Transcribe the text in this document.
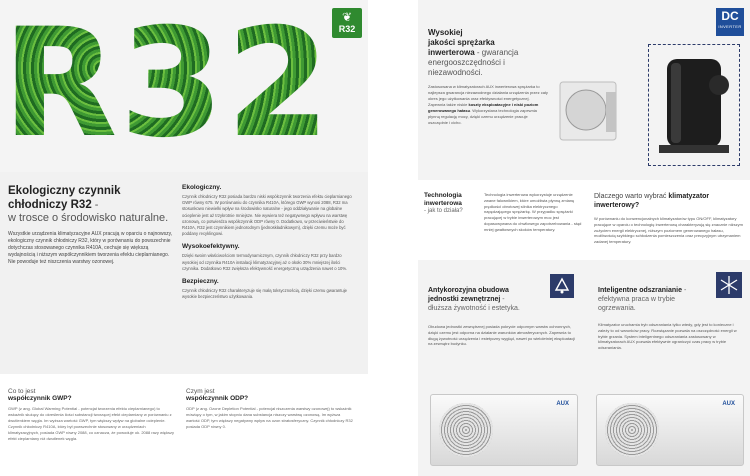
R32 ❦
R32
Ekologiczny czynnik
chłodniczy R32 -
w trosce o środowisko naturalne.

Wszystkie urządzenia klimatyzacyjne AUX pracują w oparciu o najnowszy, ekologiczny czynnik chłodniczy R32, który w porównaniu do powszechnie dotychczas stosowanego czynnika R410A, cechuje się większą wydajnością i niższym współczynnikiem tworzenia efektu cieplarnianego. Nie powoduje też niszczenia warstwy ozonowej.

Ekologiczny.

Czynnik chłodniczy R32 posiada bardzo niski współczynnik tworzenia efektu cieplarnianego GWP równy 675. W porównaniu do czynnika R410A, którego GWP wynosi 2088, R32 ma stosunkowo niewielki wpływ na środowisko naturalne - jego oddziaływanie na globalne ocieplenie jest aż trzykrotnie mniejsze. Nie wywiera też negatywnego wpływu na warstwę ozonową, co potwierdza współczynnik ODP równy 0. Dodatkowo, w przeciwieństwie do R410A, R32 jest czynnikiem jednorodnym (jednoskładnikowym), dzięki czemu może być poddany recyklingowi.

Wysokoefektywny.

Dzięki swoim właściwościom termodynamicznym, czynnik chłodniczy R32 przy bardzo wysokiej od czynnika R410A instalacji klimatyzacyjnej aż o około 30% mniejszej ilości czynnika. Dodatkowo R32 zwiększa efektywność energetyczną urządzenia nawet o 10%.

Bezpieczny.

Czynnik chłodniczy R32 charakteryzuje się małą toksycznością, dzięki czemu gwarantuje wysokie bezpieczeństwo użytkowania.

Co to jest
współczynnik GWP?

GWP (z ang. Global Warming Potential - potencjał tworzenia efektu cieplarnianego) to wskaźnik służący do określenia ilości substancji tworzącej efekt cieplarniany w porównaniu z dwutlenkiem węgla. Im wyższa wartość GWP, tym większy wpływ na globalne ocieplenie. Czynnik chłodniczy R410A, który był powszechnie stosowany w urządzeniach klimatyzacyjnych, posiada GWP równy 2088, co oznacza, że powoduje ok. 2088 razy większy efekt cieplarniany niż dwutlenek węgla.

Czym jest
współczynnik ODP?

ODP (z ang. Ozone Depletion Potential - potencjał niszczenia warstwy ozonowej) to wskaźnik mówiący o tym, w jakim stopniu dana substancja niszczy warstwę ozonową. Im wyższa wartość ODP, tym większy negatywny wpływ na ozon stratosferyczny. Czynnik chłodniczy R32 posiada ODP równy 0.

DC
INVERTER
Wysokiej
jakości sprężarka
inwerterowa - gwarancja energooszczędności i niezawodności.

Zastosowana w klimatyzatorach AUX inwerterowa sprężarka to najlepsza gwarancja niezawodnego działania urządzenia przez cały okres jego użytkowania oraz efektywności energetycznej. Zapewnia także niskie koszty eksploatacyjne i niski poziom generowanego hałasu. Wykorzystana technologia zapewnia płynną regulację mocy, dzięki czemu urządzenie pracuje oszczędnie i cicho.

Technologia inwerterowa
- jak to działa?
Technologia inwerterowa wykorzystuje urządzenie zwane falownikiem, które umożliwia płynną zmianę prędkości obrotowej silnika elektrycznego napędzającego sprężarkę. W przypadku sprężarki pracującej w trybie inwerterowym moc jest dopasowywana do chwilowego zapotrzebowania - stąd mniej gwałtownych skoków temperatury.
Dlaczego warto wybrać klimatyzator inwerterowy?

W porównaniu do konwencjonalnych klimatyzatorów typu ON/OFF, klimatyzatory pracujące w oparciu o technologię inwerterową charakteryzują się znacznie niższym zużyciem energii elektrycznej, niższym poziomem generowanego hałasu, możliwością szybkiego schłodzenia pomieszczenia oraz precyzyjnym utrzymaniem zadanej temperatury.

Antykorozyjna obudowa jednostki zewnętrznej - dłuższa żywotność i estetyka.

Obudowa jednostki zewnętrznej posiada pokrycie odpornym warstw ochronnych, dzięki czemu jest odporna na działanie warunków atmosferycznych. Zapewnia to długą żywotność urządzenia i estetyczny wygląd, nawet po wieloletniej eksploatacji na zewnątrz budynku.

AUX
Inteligentne odszranianie - efektywna praca w trybie ogrzewania.

Klimatyzator uruchamia tryb odszraniania tylko wtedy, gdy jest to konieczne i zależy to od warunków pracy. Rozwiązanie pozwala na oszczędność energii w trybie grzania. System inteligentnego odszraniania zastosowany w klimatyzatorach AUX pozwala efektywnie ograniczyć czas pracy w trybie odszraniania.

AUX
